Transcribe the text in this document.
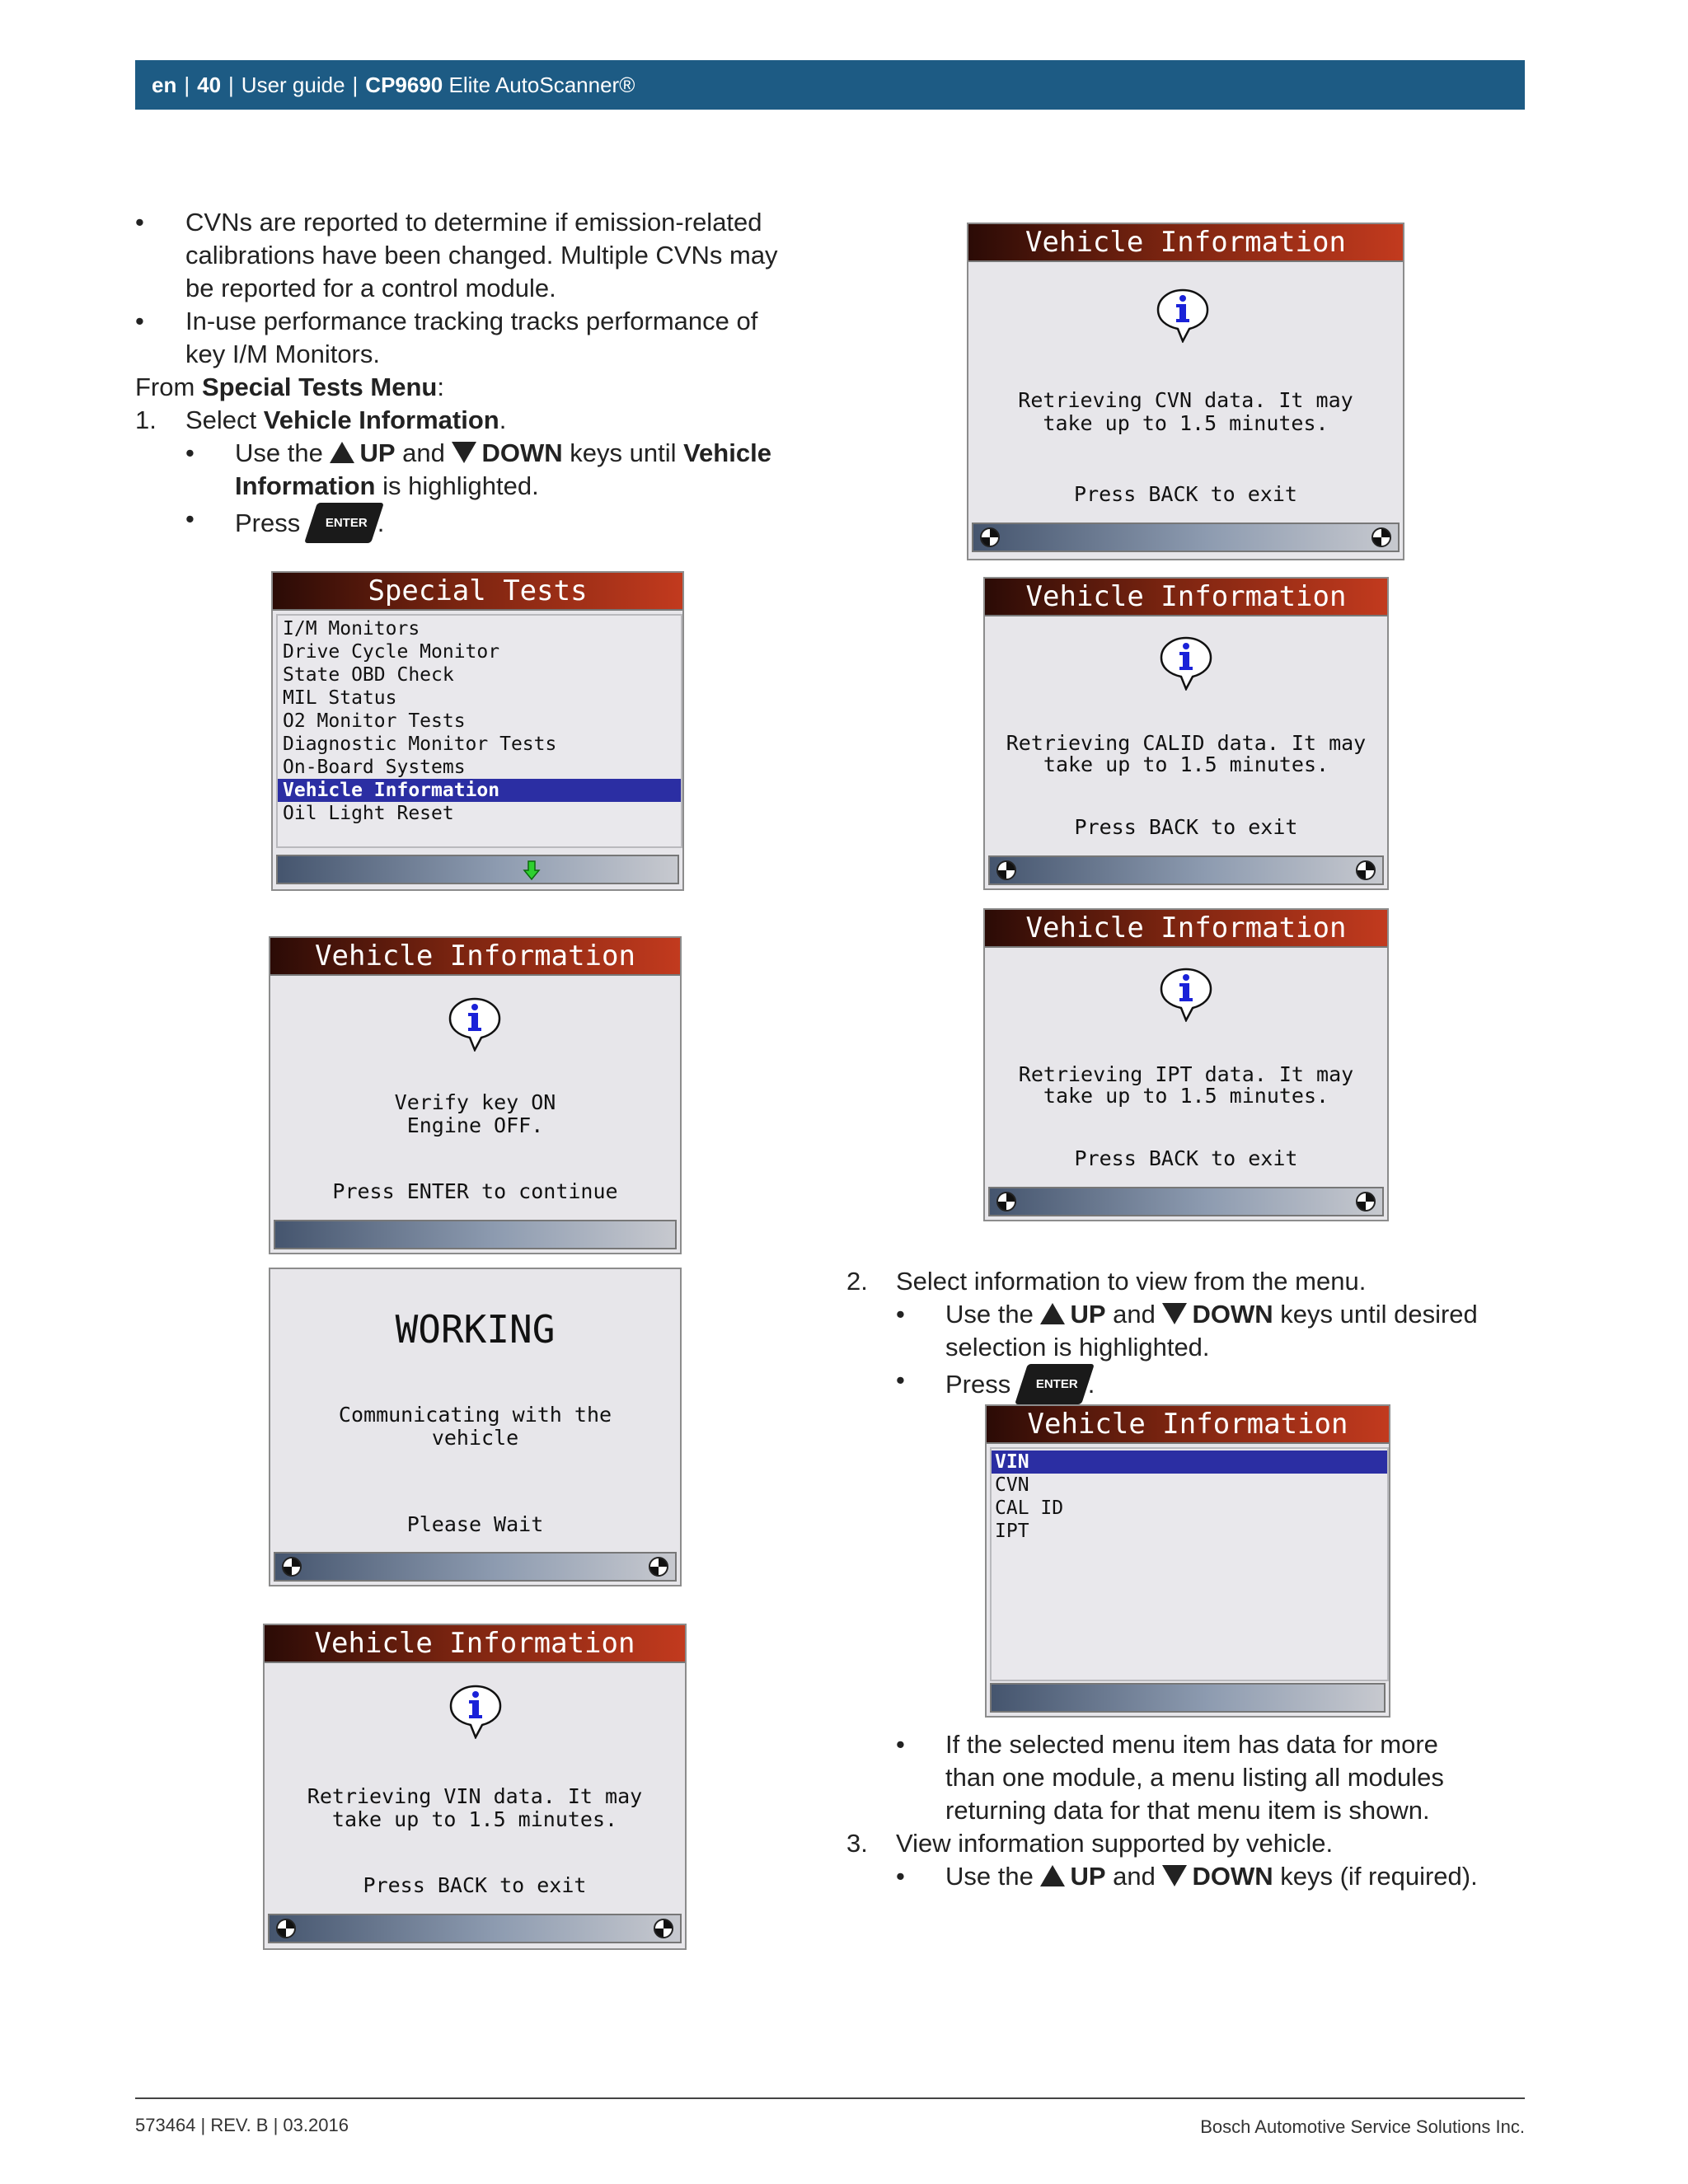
en | 40 | User guide | CP9690
Elite AutoScanner®
• CVNs are reported to determine if emission-related
calibrations have been changed. Multiple CVNs may
be reported for a control module.
• In-use performance tracking tracks performance of
key I/M Monitors.
From Special Tests Menu:
1. Select Vehicle Information.
• Use the UP and DOWN keys until Vehicle
Information is highlighted.
• Press ENTER .
Special Tests
I/M Monitors
Drive Cycle Monitor
State OBD Check
MIL Status
O2 Monitor Tests
Diagnostic Monitor Tests
On-Board Systems
Vehicle Information
Oil Light Reset
Vehicle Information
Verify key ON
Engine OFF.
Press ENTER to continue
WORKING
Communicating with the
vehicle
Please Wait
Vehicle Information
Retrieving VIN data. It may
take up to 1.5 minutes.
Press BACK to exit
Vehicle Information
Retrieving CVN data. It may
take up to 1.5 minutes.
Press BACK to exit
Vehicle Information
Retrieving CALID data. It may
take up to 1.5 minutes.
Press BACK to exit
Vehicle Information
Retrieving IPT data. It may
take up to 1.5 minutes.
Press BACK to exit
2. Select information to view from the menu.
• Use the UP and DOWN keys until desired
selection is highlighted.
• Press ENTER .
Vehicle Information
VIN
CVN
CAL ID
IPT
• If the selected menu item has data for more
than one module, a menu listing all modules
returning data for that menu item is shown.
3. View information supported by vehicle.
• Use the UP and DOWN keys (if required).
573464 | REV. B | 03.2016	Bosch Automotive Service Solutions Inc.
